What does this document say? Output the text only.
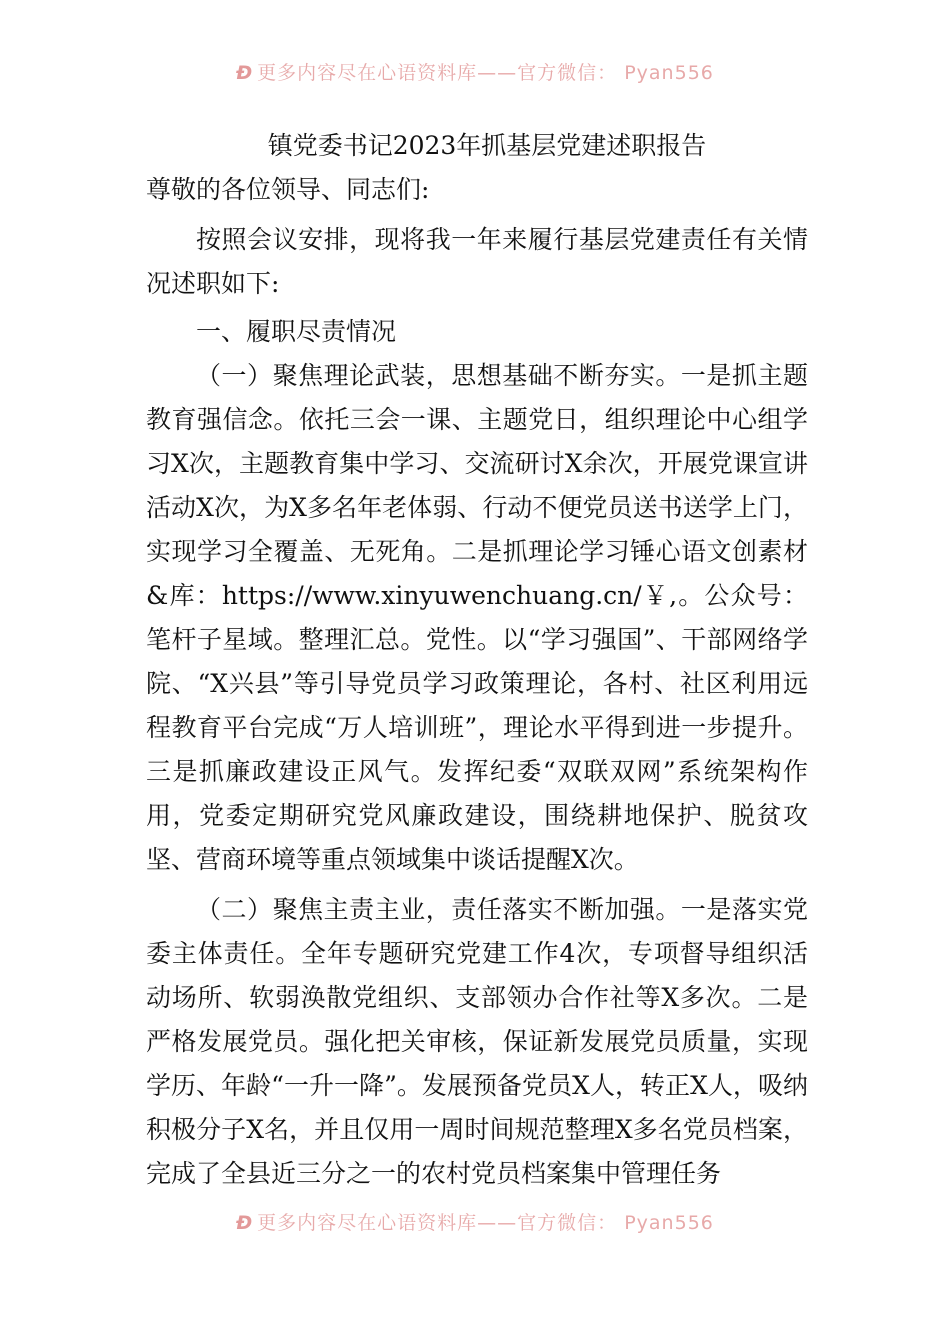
Ð 更多内容尽在心语资料库——官方微信： Pyan556
镇党委书记2023年抓基层党建述职报告

尊敬的各位领导、同志们:

按照会议安排，现将我一年来履行基层党建责任有关情况述职如下:

一、履职尽责情况

（一）聚焦理论武装，思想基础不断夯实。一是抓主题教育强信念。依托三会一课、主题党日，组织理论中心组学习X次，主题教育集中学习、交流研讨X余次，开展党课宣讲活动X次，为X多名年老体弱、行动不便党员送书送学上门，实现学习全覆盖、无死角。二是抓理论学习锤心语文创素材&库：https://www.xinyuwenchuang.cn/￥,。公众号：笔杆子星域。整理汇总。党性。以“学习强国”、干部网络学院、“X兴县”等引导党员学习政策理论，各村、社区利用远程教育平台完成“万人培训班”，理论水平得到进一步提升。三是抓廉政建设正风气。发挥纪委“双联双网”系统架构作用，党委定期研究党风廉政建设，围绕耕地保护、脱贫攻坚、营商环境等重点领域集中谈话提醒X次。

（二）聚焦主责主业，责任落实不断加强。一是落实党委主体责任。全年专题研究党建工作4次，专项督导组织活动场所、软弱涣散党组织、支部领办合作社等X多次。二是严格发展党员。强化把关审核，保证新发展党员质量，实现学历、年龄“一升一降”。发展预备党员X人，转正X人，吸纳积极分子X名，并且仅用一周时间规范整理X多名党员档案，完成了全县近三分之一的农村党员档案集中管理任务

Ð 更多内容尽在心语资料库——官方微信： Pyan556
